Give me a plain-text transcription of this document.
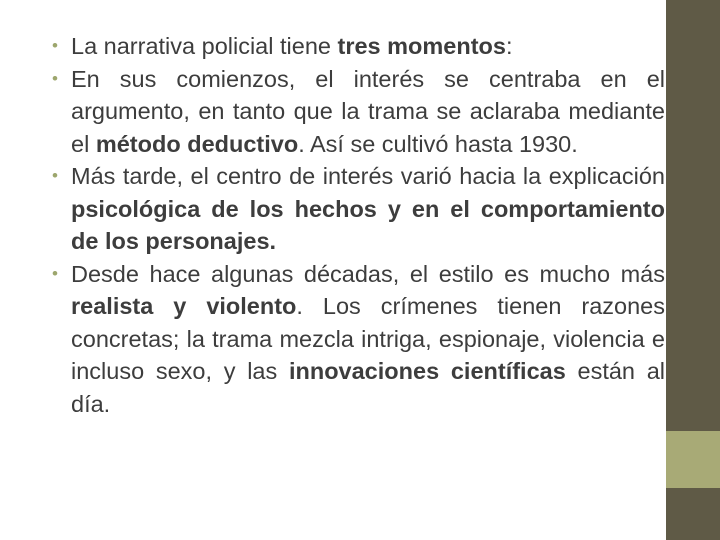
• La narrativa policial tiene tres momentos:
• En sus comienzos, el interés se centraba en el argumento, en tanto que la trama se aclaraba mediante el método deductivo. Así se cultivó hasta 1930.
• Más tarde, el centro de interés varió hacia la explicación psicológica de los hechos y en el comportamiento de los personajes.
• Desde hace algunas décadas, el estilo es mucho más realista y violento. Los crímenes tienen razones concretas; la trama mezcla intriga, espionaje, violencia e incluso sexo, y las innovaciones científicas están al día.
